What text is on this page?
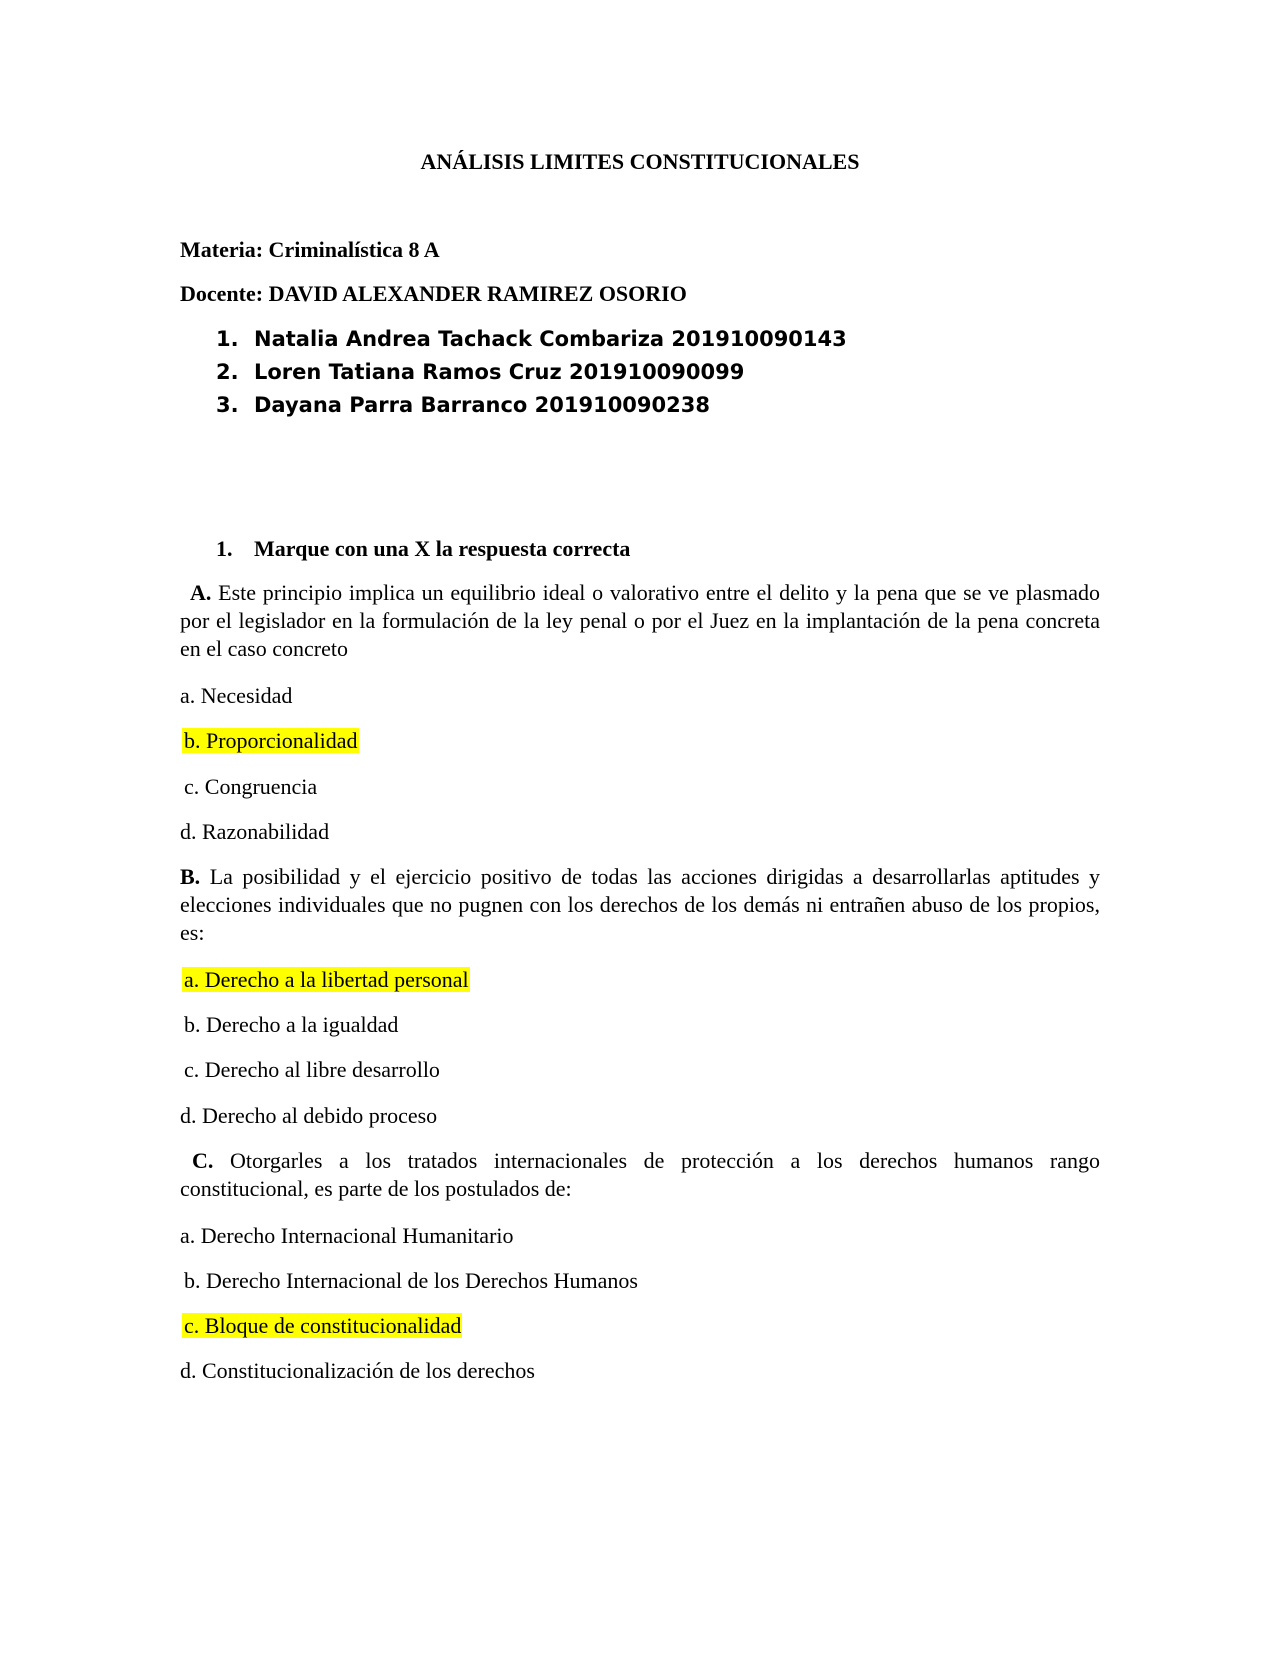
ANÁLISIS LIMITES CONSTITUCIONALES
Materia: Criminalística 8 A
Docente: DAVID ALEXANDER RAMIREZ OSORIO
1. Natalia Andrea Tachack Combariza 201910090143
2. Loren Tatiana Ramos Cruz 201910090099
3. Dayana Parra Barranco 201910090238
1. Marque con una X la respuesta correcta
A. Este principio implica un equilibrio ideal o valorativo entre el delito y la pena que se ve plasmado por el legislador en la formulación de la ley penal o por el Juez en la implantación de la pena concreta en el caso concreto
a. Necesidad
b. Proporcionalidad
c. Congruencia
d. Razonabilidad
B. La posibilidad y el ejercicio positivo de todas las acciones dirigidas a desarrollarlas aptitudes y elecciones individuales que no pugnen con los derechos de los demás ni entrañen abuso de los propios, es:
a. Derecho a la libertad personal
b. Derecho a la igualdad
c. Derecho al libre desarrollo
d. Derecho al debido proceso
C. Otorgarles a los tratados internacionales de protección a los derechos humanos rango constitucional, es parte de los postulados de:
a. Derecho Internacional Humanitario
b. Derecho Internacional de los Derechos Humanos
c. Bloque de constitucionalidad
d. Constitucionalización de los derechos
